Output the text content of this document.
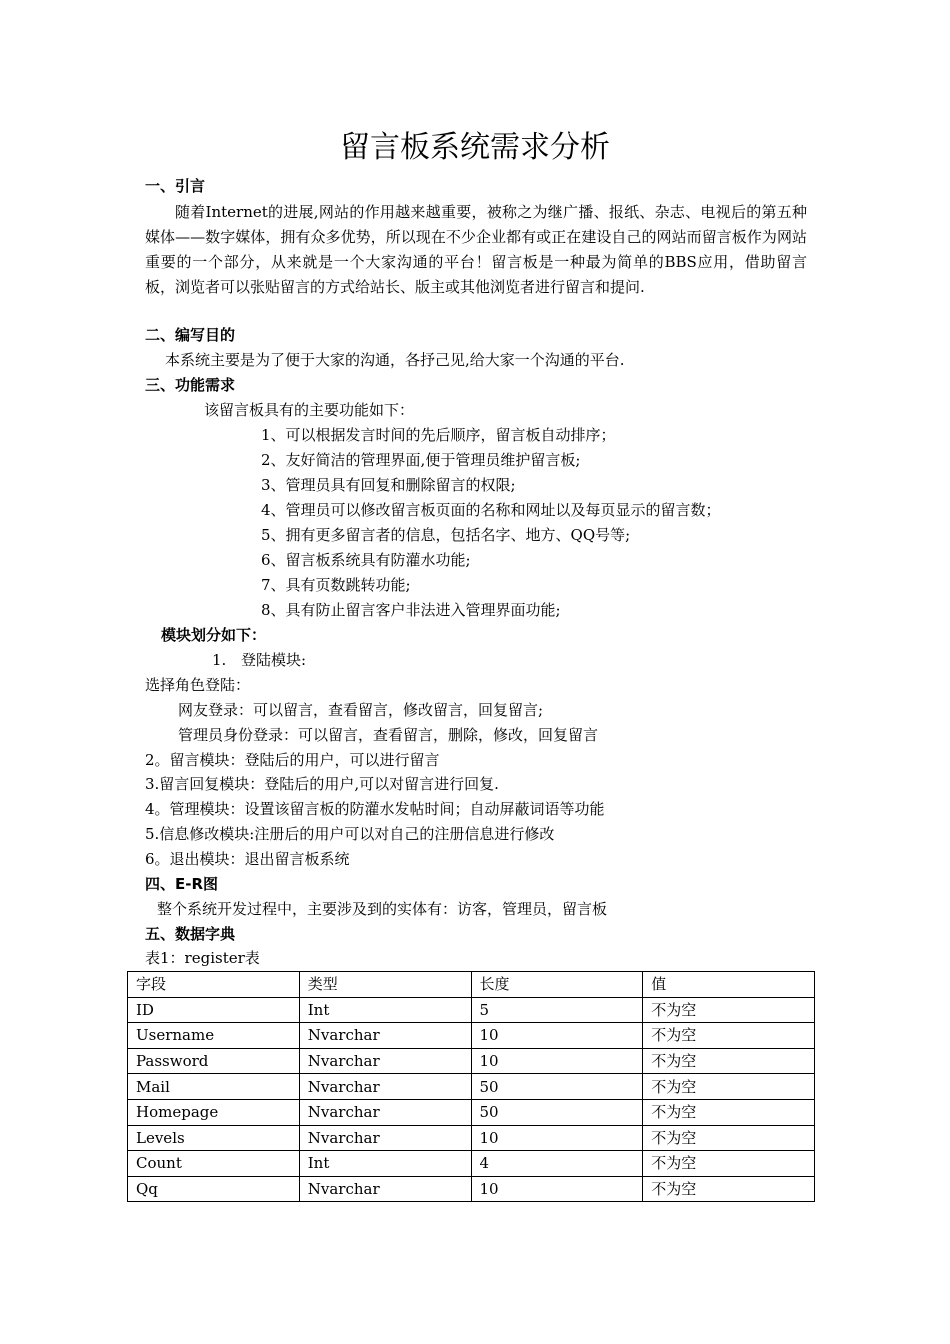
留言板系统需求分析
一、引言
随着Internet的进展,网站的作用越来越重要，被称之为继广播、报纸、杂志、电视后的第五种媒体——数字媒体，拥有众多优势，所以现在不少企业都有或正在建设自己的网站而留言板作为网站重要的一个部分，从来就是一个大家沟通的平台！留言板是一种最为简单的BBS应用，借助留言板，浏览者可以张贴留言的方式给站长、版主或其他浏览者进行留言和提问.
二、编写目的
本系统主要是为了便于大家的沟通，各抒己见,给大家一个沟通的平台.
三、功能需求
该留言板具有的主要功能如下：
1、可以根据发言时间的先后顺序，留言板自动排序；
2、友好简洁的管理界面,便于管理员维护留言板;
3、管理员具有回复和删除留言的权限;
4、管理员可以修改留言板页面的名称和网址以及每页显示的留言数；
5、拥有更多留言者的信息，包括名字、地方、QQ号等;
6、留言板系统具有防灌水功能;
7、具有页数跳转功能;
8、具有防止留言客户非法进入管理界面功能;
模块划分如下：
1. 登陆模块:
选择角色登陆：
网友登录：可以留言，查看留言，修改留言，回复留言;
管理员身份登录：可以留言，查看留言，删除，修改，回复留言
2。留言模块：登陆后的用户，可以进行留言
3.留言回复模块：登陆后的用户,可以对留言进行回复.
4。管理模块：设置该留言板的防灌水发帖时间；自动屏蔽词语等功能
5.信息修改模块:注册后的用户可以对自己的注册信息进行修改
6。退出模块：退出留言板系统
四、E-R图
整个系统开发过程中，主要涉及到的实体有：访客，管理员，留言板
五、数据字典
表1：register表
字段	类型	长度	值
ID	Int	5	不为空
Username	Nvarchar	10	不为空
Password	Nvarchar	10	不为空
Mail	Nvarchar	50	不为空
Homepage	Nvarchar	50	不为空
Levels	Nvarchar	10	不为空
Count	Int	4	不为空
Qq	Nvarchar	10	不为空
